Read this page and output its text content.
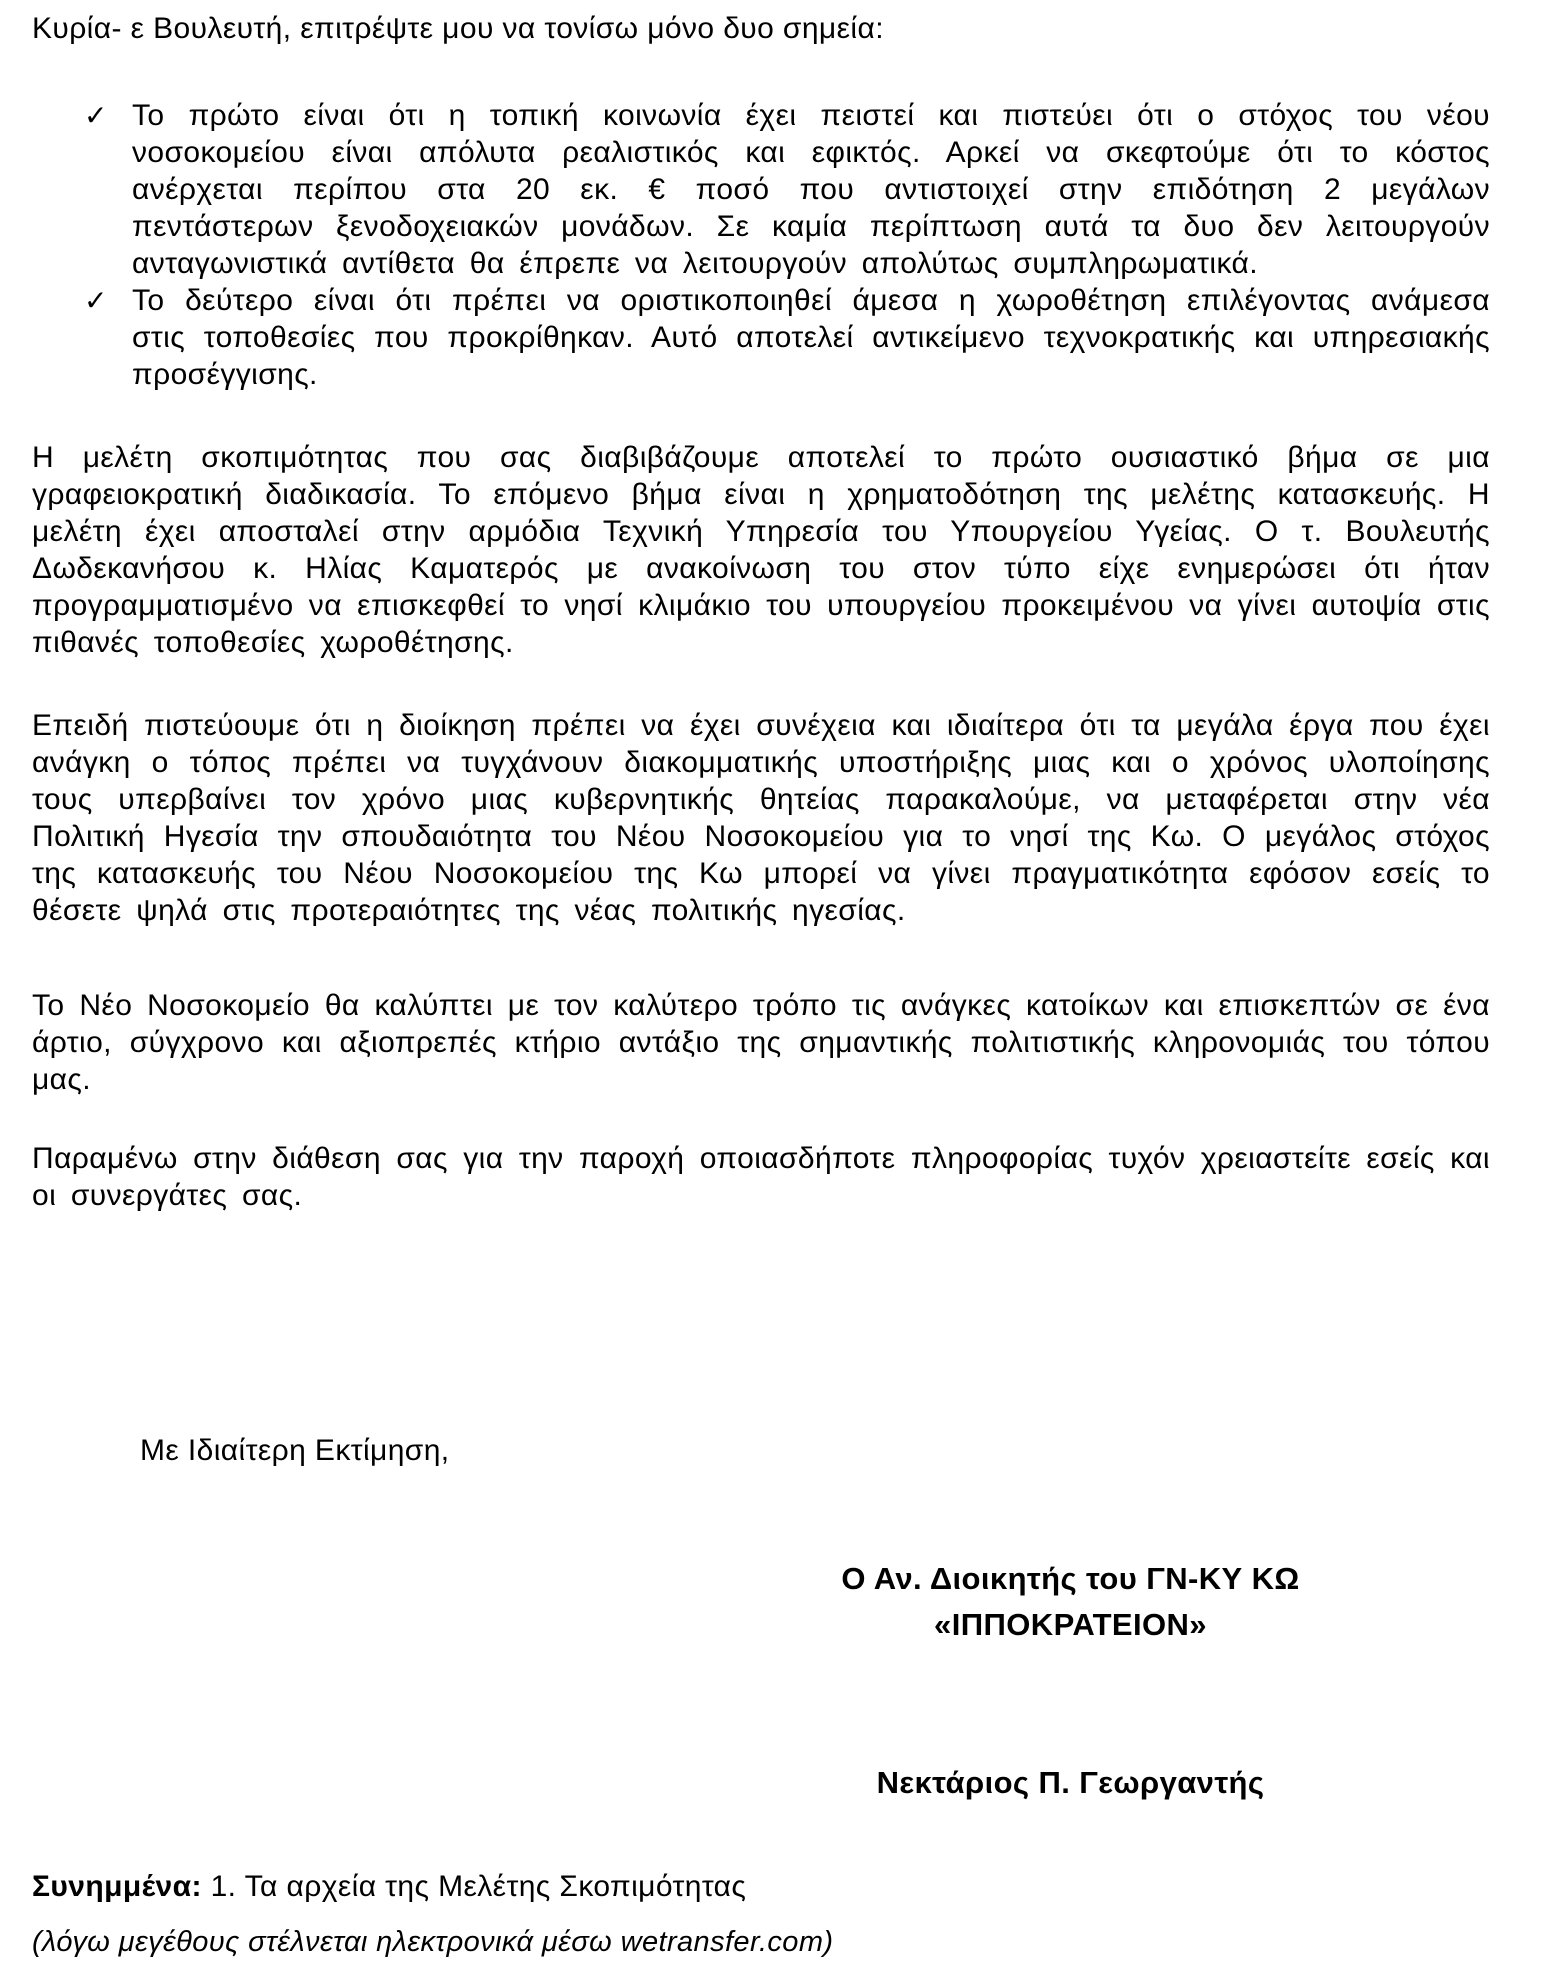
Κυρία- ε Βουλευτή, επιτρέψτε μου να τονίσω μόνο δυο σημεία:

✓ Το πρώτο είναι ότι η τοπική κοινωνία έχει πειστεί και πιστεύει ότι ο στόχος του νέου νοσοκομείου είναι απόλυτα ρεαλιστικός και εφικτός. Αρκεί να σκεφτούμε ότι το κόστος ανέρχεται περίπου στα 20 εκ. € ποσό που αντιστοιχεί στην επιδότηση 2 μεγάλων πεντάστερων ξενοδοχειακών μονάδων. Σε καμία περίπτωση αυτά τα δυο δεν λειτουργούν ανταγωνιστικά αντίθετα θα έπρεπε να λειτουργούν απολύτως συμπληρωματικά.
✓ Το δεύτερο είναι ότι πρέπει να οριστικοποιηθεί άμεσα η χωροθέτηση επιλέγοντας ανάμεσα στις τοποθεσίες που προκρίθηκαν. Αυτό αποτελεί αντικείμενο τεχνοκρατικής και υπηρεσιακής προσέγγισης.

Η μελέτη σκοπιμότητας που σας διαβιβάζουμε αποτελεί το πρώτο ουσιαστικό βήμα σε μια γραφειοκρατική διαδικασία. Το επόμενο βήμα είναι η χρηματοδότηση της μελέτης κατασκευής. Η μελέτη έχει αποσταλεί στην αρμόδια Τεχνική Υπηρεσία του Υπουργείου Υγείας. Ο τ. Βουλευτής Δωδεκανήσου κ. Ηλίας Καματερός με ανακοίνωση του στον τύπο είχε ενημερώσει ότι ήταν προγραμματισμένο να επισκεφθεί το νησί κλιμάκιο του υπουργείου προκειμένου να γίνει αυτοψία στις πιθανές τοποθεσίες χωροθέτησης.

Επειδή πιστεύουμε ότι η διοίκηση πρέπει να έχει συνέχεια και ιδιαίτερα ότι τα μεγάλα έργα που έχει ανάγκη ο τόπος πρέπει να τυγχάνουν διακομματικής υποστήριξης μιας και ο χρόνος υλοποίησης τους υπερβαίνει τον χρόνο μιας κυβερνητικής θητείας παρακαλούμε, να μεταφέρεται στην νέα Πολιτική Ηγεσία την σπουδαιότητα του Νέου Νοσοκομείου για το νησί της Κω. Ο μεγάλος στόχος της κατασκευής του Νέου Νοσοκομείου της Κω μπορεί να γίνει πραγματικότητα εφόσον εσείς το θέσετε ψηλά στις προτεραιότητες της νέας πολιτικής ηγεσίας.

Το Νέο Νοσοκομείο θα καλύπτει με τον καλύτερο τρόπο τις ανάγκες κατοίκων και επισκεπτών σε ένα άρτιο, σύγχρονο και αξιοπρεπές κτήριο αντάξιο της σημαντικής πολιτιστικής κληρονομιάς του τόπου μας.

Παραμένω στην διάθεση σας για την παροχή οποιασδήποτε πληροφορίας τυχόν χρειαστείτε εσείς και οι συνεργάτες σας.

Με Ιδιαίτερη Εκτίμηση,

Ο Αν. Διοικητής του ΓΝ-ΚΥ ΚΩ
«ΙΠΠΟΚΡΑΤΕΙΟΝ»

Νεκτάριος Π. Γεωργαντής

Συνημμένα: 1. Τα αρχεία της Μελέτης Σκοπιμότητας

(λόγω μεγέθους στέλνεται ηλεκτρονικά μέσω wetransfer.com)
